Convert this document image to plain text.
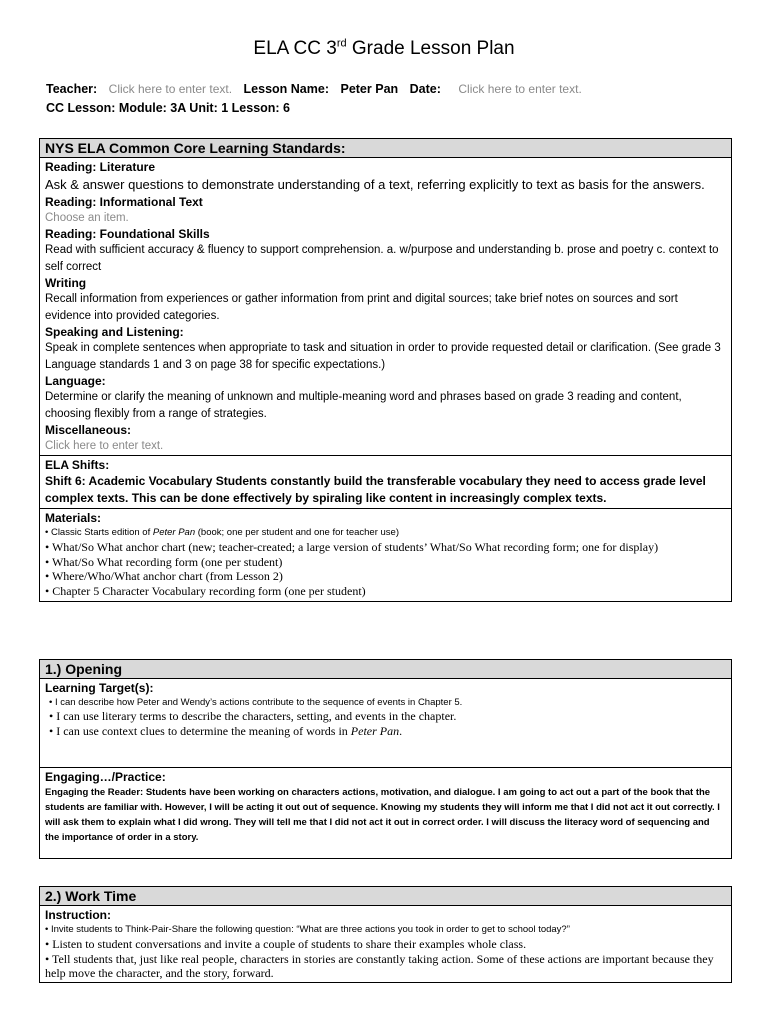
ELA CC 3rd Grade Lesson Plan
Teacher: Click here to enter text. Lesson Name: Peter Pan Date: Click here to enter text.
CC Lesson: Module: 3A Unit: 1 Lesson: 6
NYS ELA Common Core Learning Standards:

Reading: Literature
Ask & answer questions to demonstrate understanding of a text, referring explicitly to text as basis for the answers.
Reading: Informational Text
Choose an item.
Reading: Foundational Skills
Read with sufficient accuracy & fluency to support comprehension. a. w/purpose and understanding b. prose and poetry c. context to self correct
Writing
Recall information from experiences or gather information from print and digital sources; take brief notes on sources and sort evidence into provided categories.
Speaking and Listening:
Speak in complete sentences when appropriate to task and situation in order to provide requested detail or clarification. (See grade 3 Language standards 1 and 3 on page 38 for specific expectations.)
Language:
Determine or clarify the meaning of unknown and multiple-meaning word and phrases based on grade 3 reading and content, choosing flexibly from a range of strategies.
Miscellaneous:
Click here to enter text.

ELA Shifts:
Shift 6: Academic Vocabulary Students constantly build the transferable vocabulary they need to access grade level complex texts. This can be done effectively by spiraling like content in increasingly complex texts.

Materials:
• Classic Starts edition of Peter Pan (book; one per student and one for teacher use)
• What/So What anchor chart (new; teacher-created; a large version of students’ What/So What recording form; one for display)
• What/So What recording form (one per student)
• Where/Who/What anchor chart (from Lesson 2)
• Chapter 5 Character Vocabulary recording form (one per student)
1.) Opening

Learning Target(s):
• I can describe how Peter and Wendy’s actions contribute to the sequence of events in Chapter 5.
• I can use literary terms to describe the characters, setting, and events in the chapter.
• I can use context clues to determine the meaning of words in Peter Pan.

Engaging…/Practice:
Engaging the Reader: Students have been working on characters actions, motivation, and dialogue. I am going to act out a part of the book that the students are familiar with. However, I will be acting it out out of sequence. Knowing my students they will inform me that I did not act it out correctly. I will ask them to explain what I did wrong. They will tell me that I did not act it out in correct order. I will discuss the literacy word of sequencing and the importance of order in a story.
2.) Work Time

Instruction:
• Invite students to Think-Pair-Share the following question: “What are three actions you took in order to get to school today?”
• Listen to student conversations and invite a couple of students to share their examples whole class.
• Tell students that, just like real people, characters in stories are constantly taking action. Some of these actions are important because they help move the character, and the story, forward.
